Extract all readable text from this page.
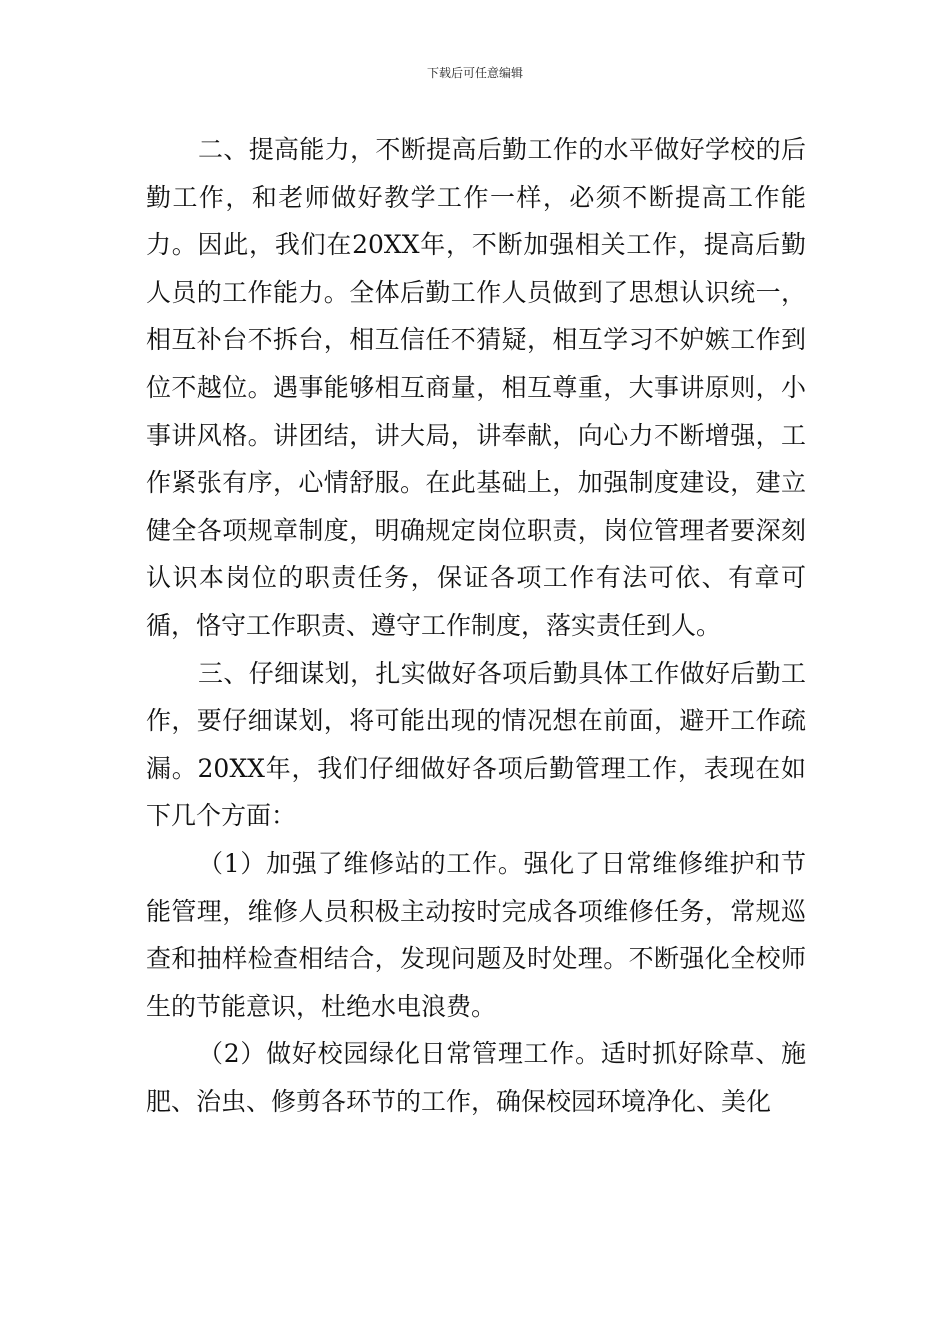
下载后可任意编辑

二、提高能力，不断提高后勤工作的水平做好学校的后勤工作，和老师做好教学工作一样，必须不断提高工作能力。因此，我们在20XX年，不断加强相关工作，提高后勤人员的工作能力。全体后勤工作人员做到了思想认识统一，相互补台不拆台，相互信任不猜疑，相互学习不妒嫉工作到位不越位。遇事能够相互商量，相互尊重，大事讲原则，小事讲风格。讲团结，讲大局，讲奉献，向心力不断增强，工作紧张有序，心情舒服。在此基础上，加强制度建设，建立健全各项规章制度，明确规定岗位职责，岗位管理者要深刻认识本岗位的职责任务，保证各项工作有法可依、有章可循，恪守工作职责、遵守工作制度，落实责任到人。

三、仔细谋划，扎实做好各项后勤具体工作做好后勤工作，要仔细谋划，将可能出现的情况想在前面，避开工作疏漏。20XX年，我们仔细做好各项后勤管理工作，表现在如下几个方面：

（1）加强了维修站的工作。强化了日常维修维护和节能管理，维修人员积极主动按时完成各项维修任务，常规巡查和抽样检查相结合，发现问题及时处理。不断强化全校师生的节能意识，杜绝水电浪费。

（2）做好校园绿化日常管理工作。适时抓好除草、施肥、治虫、修剪各环节的工作，确保校园环境净化、美化
